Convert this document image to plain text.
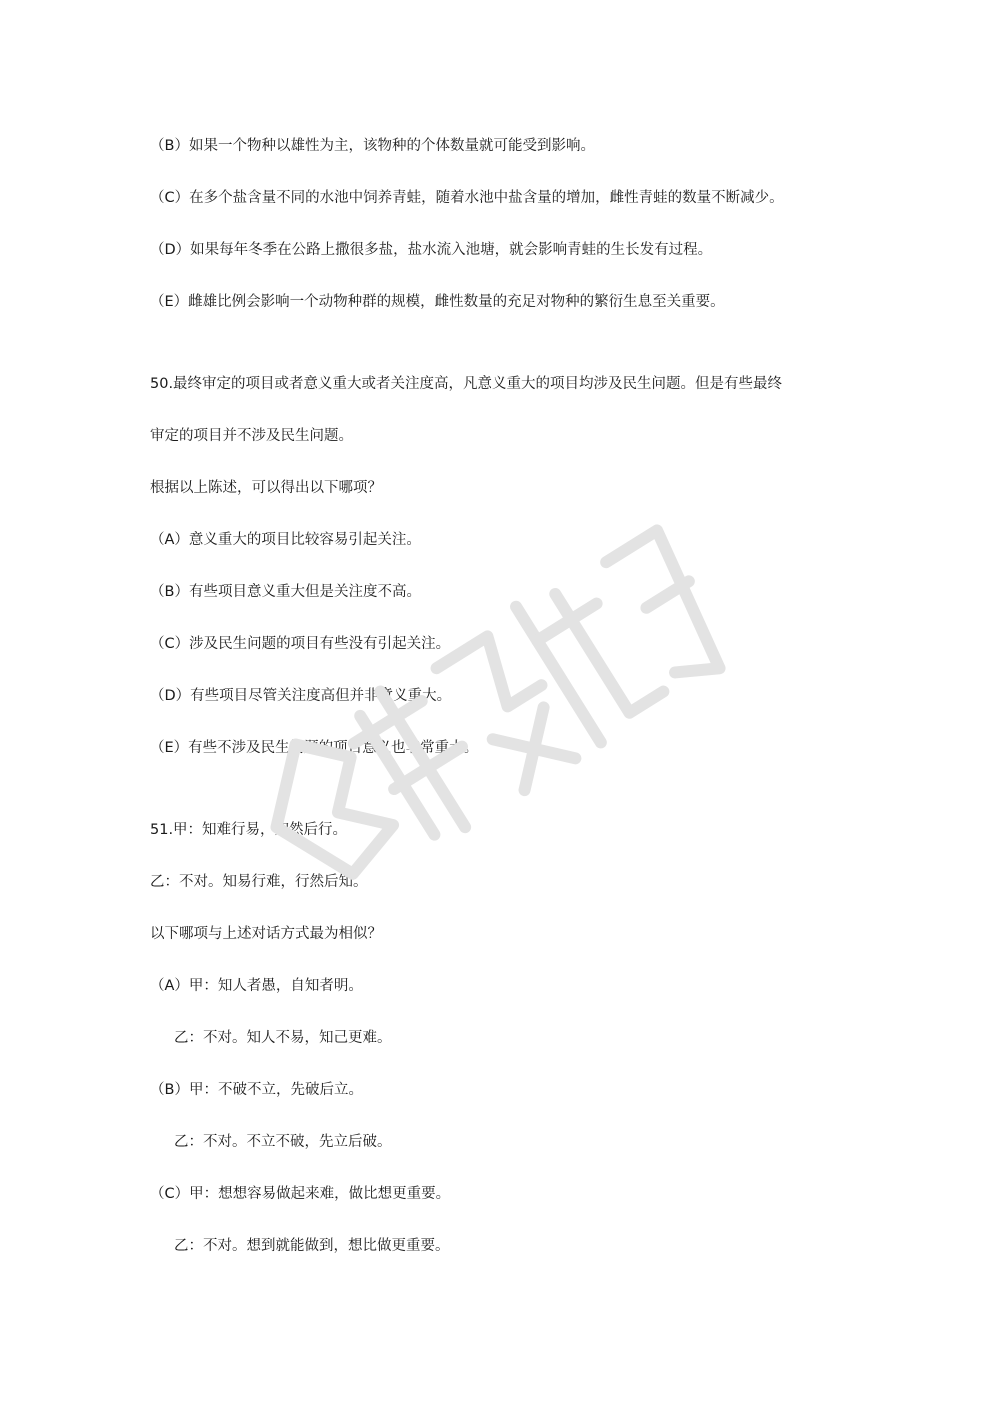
（B）如果一个物种以雄性为主，该物种的个体数量就可能受到影响。
（C）在多个盐含量不同的水池中饲养青蛙，随着水池中盐含量的增加，雌性青蛙的数量不断减少。
（D）如果每年冬季在公路上撒很多盐，盐水流入池塘，就会影响青蛙的生长发有过程。
（E）雌雄比例会影响一个动物种群的规模，雌性数量的充足对物种的繁衍生息至关重要。
50.最终审定的项目或者意义重大或者关注度高，凡意义重大的项目均涉及民生问题。但是有些最终
审定的项目并不涉及民生问题。
根据以上陈述，可以得出以下哪项？
（A）意义重大的项目比较容易引起关注。
（B）有些项目意义重大但是关注度不高。
（C）涉及民生问题的项目有些没有引起关注。
（D）有些项目尽管关注度高但并非意义重大。
（E）有些不涉及民生问题的项目意义也非常重大。
51.甲：知难行易，知然后行。
乙：不对。知易行难，行然后知。
以下哪项与上述对话方式最为相似？
（A）甲：知人者愚，自知者明。
乙：不对。知人不易，知己更难。
（B）甲：不破不立，先破后立。
乙：不对。不立不破，先立后破。
（C）甲：想想容易做起来难，做比想更重要。
乙：不对。想到就能做到，想比做更重要。
